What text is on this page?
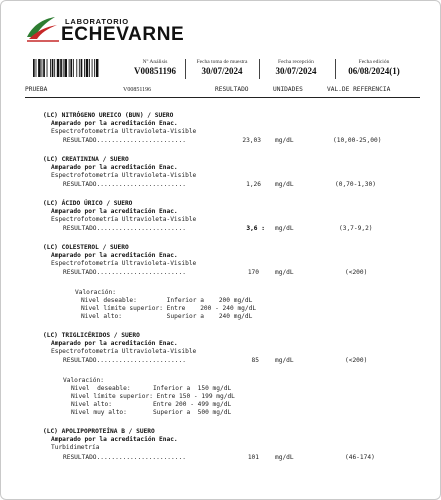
LABORATORIO
ECHEVARNE
V00851196
Nº Análisis
V00851196
Fecha toma de muestra
30/07/2024
Fecha recepción
30/07/2024
Fecha edición
06/08/2024(1)
PRUEBA	RESULTADO	UNIDADES	VAL.DE REFERENCIA
(LC) NITRÓGENO UREICO (BUN) / SUERO
Amparado por la acreditación Enac.
Espectrofotometría Ultravioleta-Visible
RESULTADO........................	23,03 mg/dL	(10,00-25,00)
(LC) CREATININA / SUERO
Amparado por la acreditación Enac.
Espectrofotometría Ultravioleta-Visible
RESULTADO........................	1,26 mg/dL	(0,70-1,30)
(LC) ÁCIDO ÚRICO / SUERO
Amparado por la acreditación Enac.
Espectrofotometría Ultravioleta-Visible
RESULTADO........................	3,6 : mg/dL	(3,7-9,2)
(LC) COLESTEROL / SUERO
Amparado por la acreditación Enac.
Espectrofotometría Ultravioleta-Visible
RESULTADO........................	170	mg/dL	(<200)
Valoración:
Nivel deseable:        Inferior a    200 mg/dL
Nivel límite superior: Entre    200 - 240 mg/dL
Nivel alto:            Superior a    240 mg/dL
(LC) TRIGLICÉRIDOS / SUERO
Amparado por la acreditación Enac.
Espectrofotometría Ultravioleta-Visible
RESULTADO........................	85	mg/dL	(<200)
Valoración:
Nivel  deseable:      Inferior a  150 mg/dL
Nivel límite superior: Entre 150 - 199 mg/dL
Nivel alto:           Entre 200 - 499 mg/dL
Nivel muy alto:       Superior a  500 mg/dL
(LC) APOLIPOPROTEÍNA B / SUERO
Amparado por la acreditación Enac.
Turbidimetría
RESULTADO........................	101	mg/dL	(46-174)
